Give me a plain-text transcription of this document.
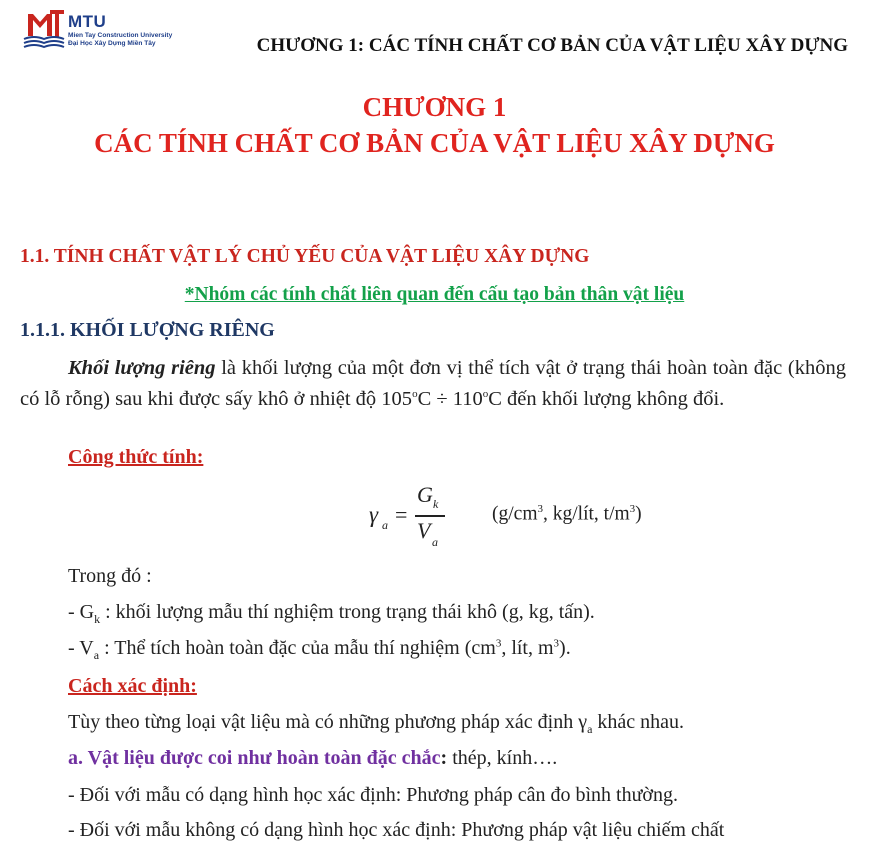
MTU
Mien Tay Construction University
Đại Học Xây Dựng Miền Tây	CHƯƠNG 1: CÁC TÍNH CHẤT CƠ BẢN CỦA VẬT LIỆU XÂY DỰNG
CHƯƠNG 1
CÁC TÍNH CHẤT CƠ BẢN CỦA VẬT LIỆU XÂY DỰNG
1.1. TÍNH CHẤT VẬT LÝ CHỦ YẾU CỦA VẬT LIỆU XÂY DỰNG
*Nhóm các tính chất liên quan đến cấu tạo bản thân vật liệu
1.1.1. KHỐI LƯỢNG RIÊNG
Khối lượng riêng là khối lượng của một đơn vị thể tích vật ở trạng thái hoàn toàn đặc (không có lỗ rỗng) sau khi được sấy khô ở nhiệt độ $105^oC \div 110^oC$ đến khối lượng không đổi.
Công thức tính:
γ a =
G k
V a
($g/cm^3$, kg/lít, $t/m^3$)
Trong đó :
- $G_k$ : khối lượng mẫu thí nghiệm trong trạng thái khô (g, kg, tấn).
- $V_a$ : Thể tích hoàn toàn đặc của mẫu thí nghiệm ($cm^3$, lít, $m^3$).
Cách xác định:
Tùy theo từng loại vật liệu mà có những phương pháp xác định $\gamma_a$ khác nhau.
a. Vật liệu được coi như hoàn toàn đặc chắc: thép, kính….
- Đối với mẫu có dạng hình học xác định: Phương pháp cân đo bình thường.
- Đối với mẫu không có dạng hình học xác định: Phương pháp vật liệu chiếm chất
